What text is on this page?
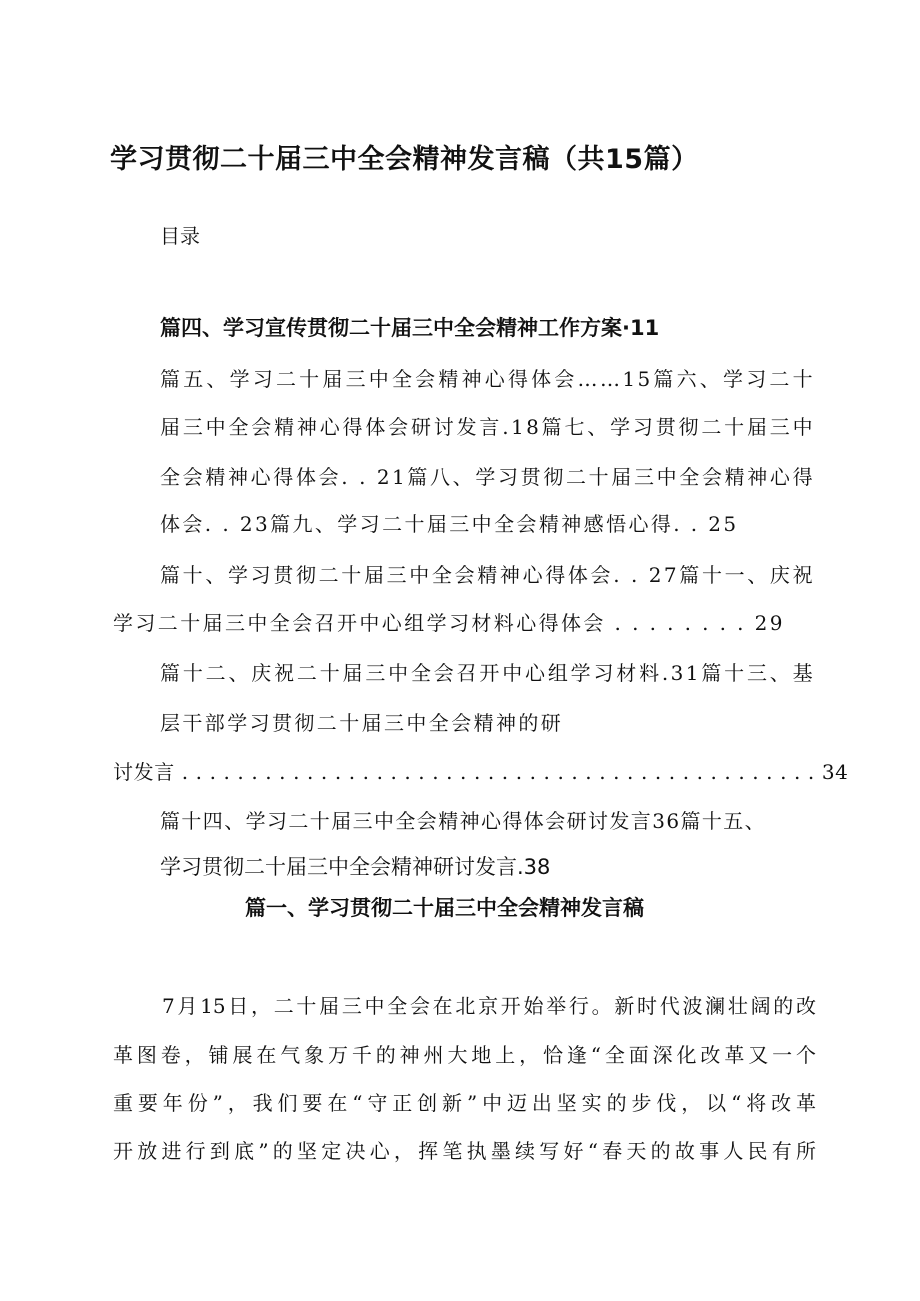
学习贯彻二十届三中全会精神发言稿（共15篇）
目录
篇四、学习宣传贯彻二十届三中全会精神工作方案·11
篇五、学习二十届三中全会精神心得体会……15篇六、学习二十
届三中全会精神心得体会研讨发言.18篇七、学习贯彻二十届三中
全会精神心得体会. . 21篇八、学习贯彻二十届三中全会精神心得
体会. . 23篇九、学习二十届三中全会精神感悟心得. . 25
篇十、学习贯彻二十届三中全会精神心得体会. . 27篇十一、庆祝
学习二十届三中全会召开中心组学习材料心得体会 . . . . . . . . 29
篇十二、庆祝二十届三中全会召开中心组学习材料.31篇十三、基
层干部学习贯彻二十届三中全会精神的研
讨发言 . . . . . . . . . . . . . . . . . . . . . . . . . . . . . . . . . . . . . . . . . . . . . . 34
篇十四、学习二十届三中全会精神心得体会研讨发言36篇十五、
学习贯彻二十届三中全会精神研讨发言.38
篇一、学习贯彻二十届三中全会精神发言稿
7月15日，二十届三中全会在北京开始举行。新时代波澜壮阔的改
革图卷，铺展在气象万千的神州大地上，恰逢“全面深化改革又一个
重要年份”，我们要在“守正创新”中迈出坚实的步伐，以“将改革
开放进行到底”的坚定决心，挥笔执墨续写好“春天的故事人民有所
